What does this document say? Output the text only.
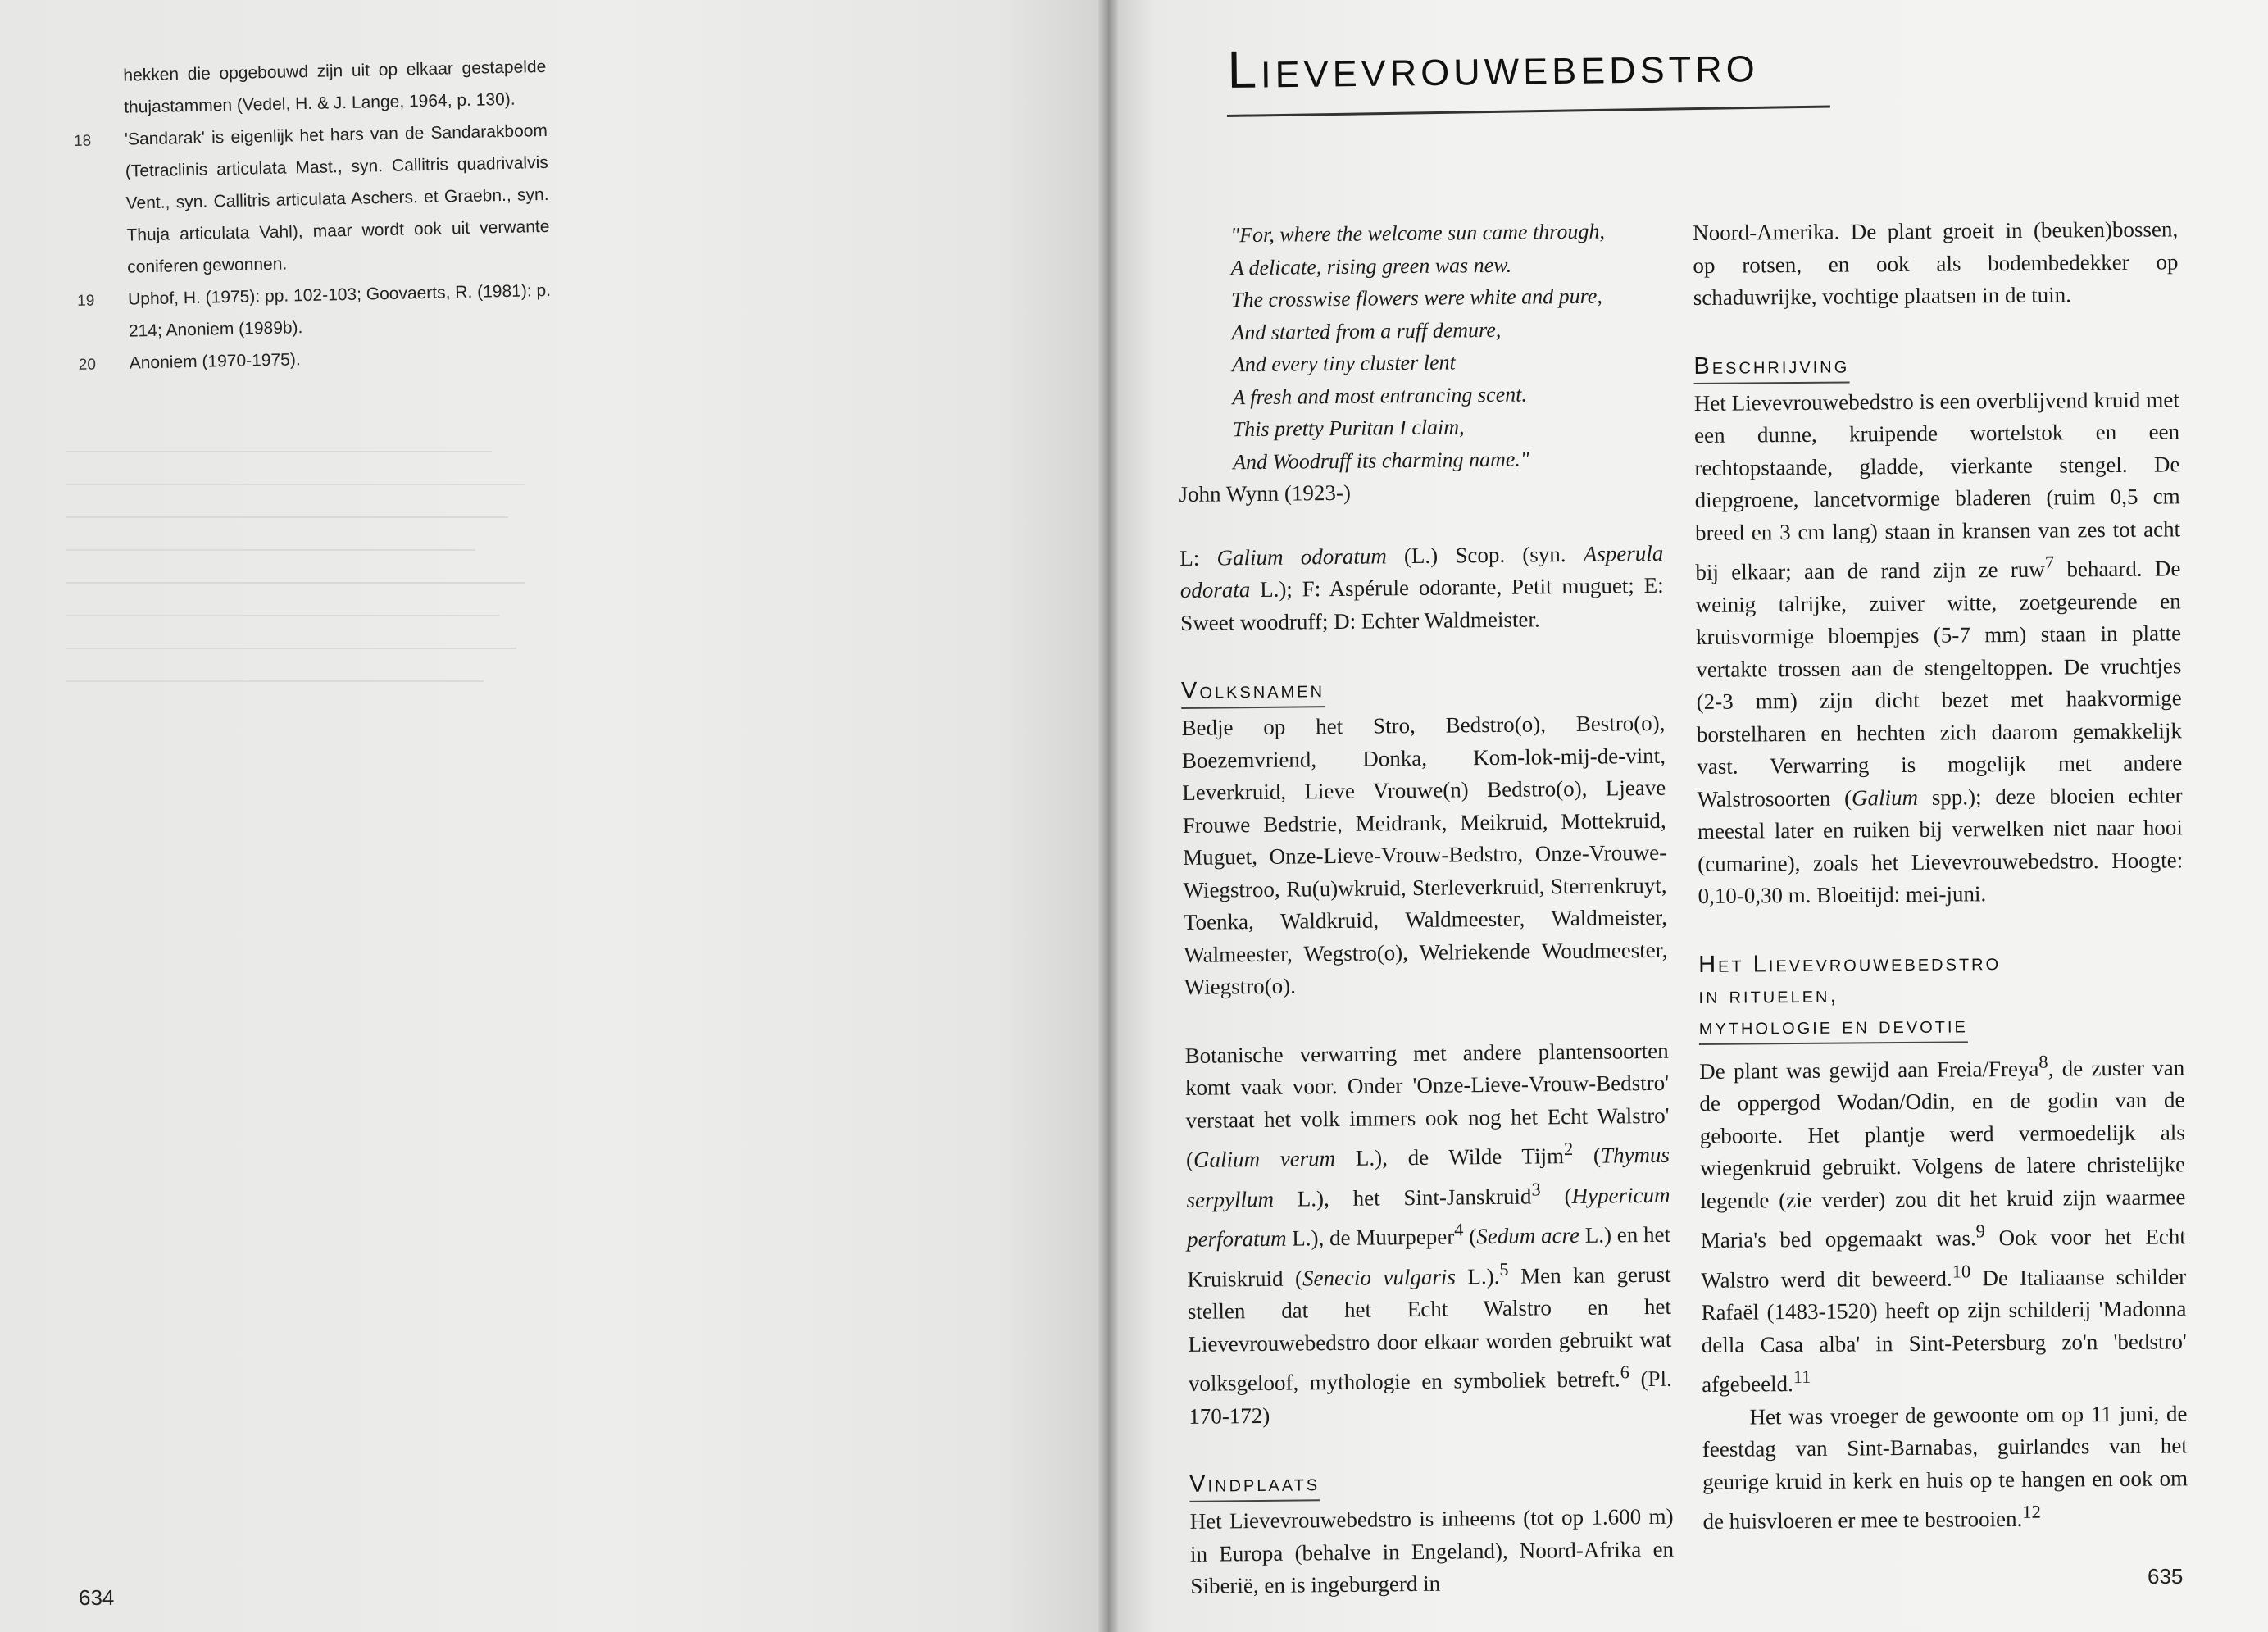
hekken die opgebouwd zijn uit op elkaar gestapelde thujastammen (Vedel, H. & J. Lange, 1964, p. 130).
18	'Sandarak' is eigenlijk het hars van de Sandarakboom (Tetraclinis articulata Mast., syn. Callitris quadrivalvis Vent., syn. Callitris articulata Aschers. et Graebn., syn. Thuja articulata Vahl), maar wordt ook uit verwante coniferen gewonnen.
19	Uphof, H. (1975): pp. 102-103; Goovaerts, R. (1981): p. 214; Anoniem (1989b).
20	Anoniem (1970-1975).
634
Lievevrouwebedstro
"For, where the welcome sun came through,
A delicate, rising green was new.
The crosswise flowers were white and pure,
And started from a ruff demure,
And every tiny cluster lent
A fresh and most entrancing scent.
This pretty Puritan I claim,
And Woodruff its charming name."
John Wynn (1923-)

L: Galium odoratum (L.) Scop. (syn. Asperula odorata L.); F: Aspérule odorante, Petit muguet; E: Sweet woodruff; D: Echter Waldmeister.

Volksnamen

Bedje op het Stro, Bedstro(o), Bestro(o), Boezemvriend, Donka, Kom-lok-mij-de-vint, Leverkruid, Lieve Vrouwe(n) Bedstro(o), Ljeave Frouwe Bedstrie, Meidrank, Meikruid, Mottekruid, Muguet, Onze-Lieve-Vrouw-Bedstro, Onze-Vrouwe-Wiegstroo, Ru(u)wkruid, Sterleverkruid, Sterrenkruyt, Toenka, Waldkruid, Waldmeester, Waldmeister, Walmeester, Wegstro(o), Welriekende Woudmeester, Wiegstro(o).

Botanische verwarring met andere plantensoorten komt vaak voor. Onder 'Onze-Lieve-Vrouw-Bedstro' verstaat het volk immers ook nog het Echt Walstro' (Galium verum L.), de Wilde Tijm$^2$ (Thymus serpyllum L.), het Sint-Janskruid$^3$ (Hypericum perforatum L.), de Muurpeper$^4$ (Sedum acre L.) en het Kruiskruid (Senecio vulgaris L.).$^5$ Men kan gerust stellen dat het Echt Walstro en het Lievevrouwebedstro door elkaar worden gebruikt wat volksgeloof, mythologie en symboliek betreft.$^6$ (Pl. 170-172)

Vindplaats

Het Lievevrouwebedstro is inheems (tot op 1.600 m) in Europa (behalve in Engeland), Noord-Afrika en Siberië, en is ingeburgerd in

Noord-Amerika. De plant groeit in (beuken)bossen, op rotsen, en ook als bodembedekker op schaduwrijke, vochtige plaatsen in de tuin.

Beschrijving

Het Lievevrouwebedstro is een overblijvend kruid met een dunne, kruipende wortelstok en een rechtopstaande, gladde, vierkante stengel. De diepgroene, lancetvormige bladeren (ruim 0,5 cm breed en 3 cm lang) staan in kransen van zes tot acht bij elkaar; aan de rand zijn ze ruw$^7$ behaard. De weinig talrijke, zuiver witte, zoetgeurende en kruisvormige bloempjes (5-7 mm) staan in platte vertakte trossen aan de stengeltoppen. De vruchtjes (2-3 mm) zijn dicht bezet met haakvormige borstelharen en hechten zich daarom gemakkelijk vast. Verwarring is mogelijk met andere Walstrosoorten (Galium spp.); deze bloeien echter meestal later en ruiken bij verwelken niet naar hooi (cumarine), zoals het Lievevrouwebedstro. Hoogte: 0,10-0,30 m. Bloeitijd: mei-juni.

Het Lievevrouwebedstro
in rituelen,
mythologie en devotie

De plant was gewijd aan Freia/Freya$^8$, de zuster van de oppergod Wodan/Odin, en de godin van de geboorte. Het plantje werd vermoedelijk als wiegenkruid gebruikt. Volgens de latere christelijke legende (zie verder) zou dit het kruid zijn waarmee Maria's bed opgemaakt was.$^9$ Ook voor het Echt Walstro werd dit beweerd.$^{10}$ De Italiaanse schilder Rafaël (1483-1520) heeft op zijn schilderij 'Madonna della Casa alba' in Sint-Petersburg zo'n 'bedstro' afgebeeld.$^{11}$

Het was vroeger de gewoonte om op 11 juni, de feestdag van Sint-Barnabas, guirlandes van het geurige kruid in kerk en huis op te hangen en ook om de huisvloeren er mee te bestrooien.$^{12}$

635
